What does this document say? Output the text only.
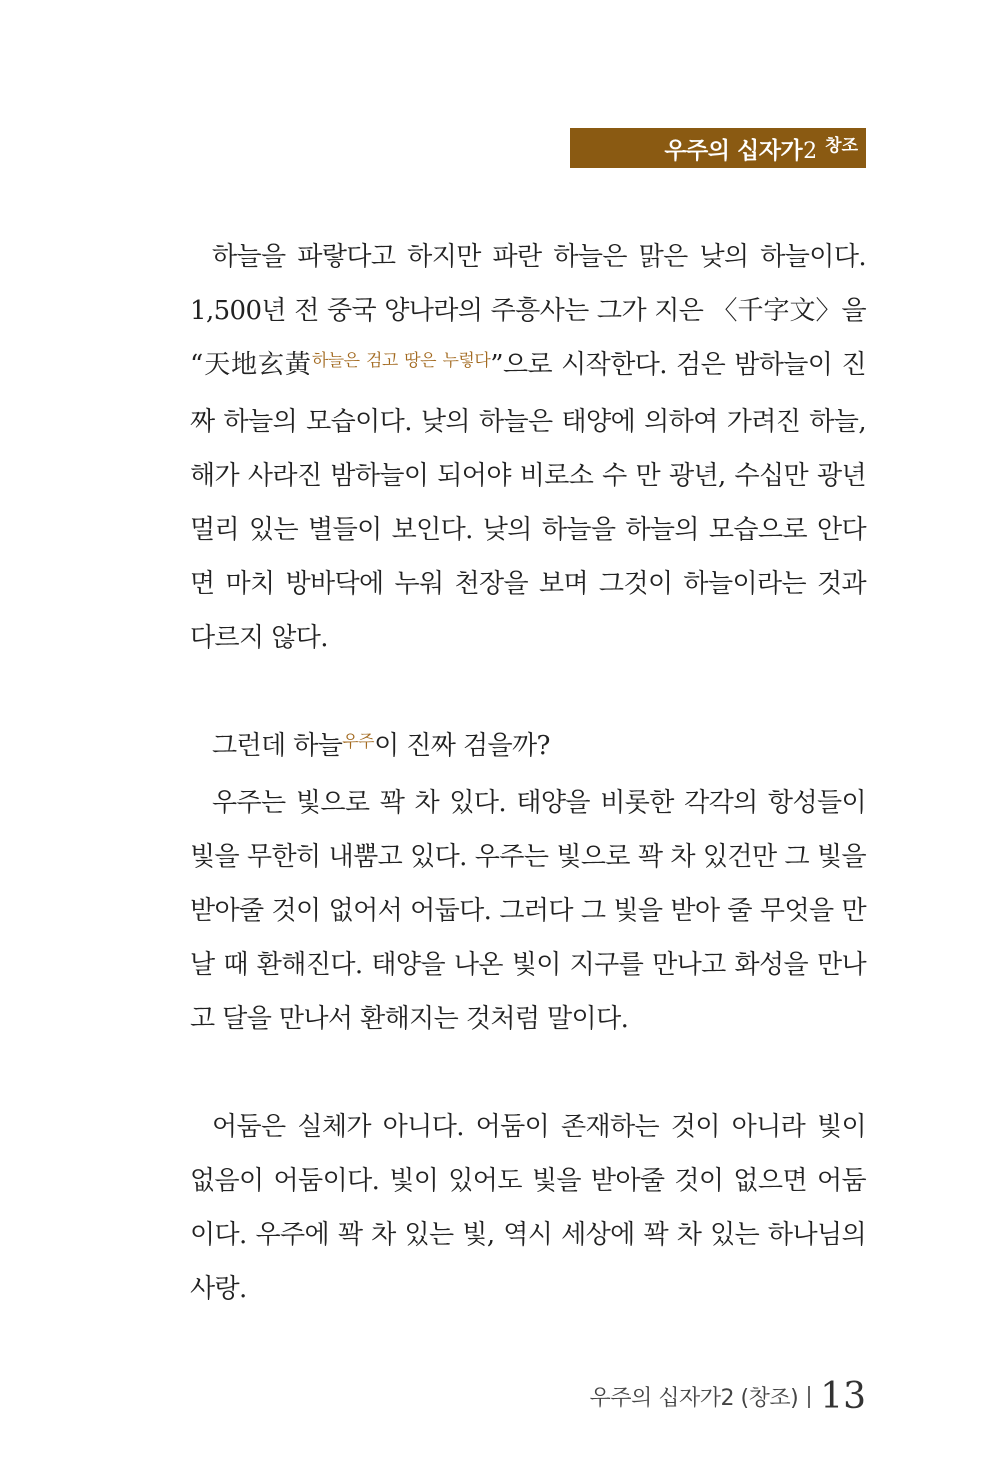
우주의 십자가 2 창조

하늘을 파랗다고 하지만 파란 하늘은 맑은 낮의 하늘이다. 1,500년 전 중국 양나라의 주흥사는 그가 지은 〈千字文〉을 “天地玄黃$^{하늘은 검고 땅은 누렇다}$”으로 시작한다. 검은 밤하늘이 진짜 하늘의 모습이다. 낮의 하늘은 태양에 의하여 가려진 하늘, 해가 사라진 밤하늘이 되어야 비로소 수 만 광년, 수십만 광년 멀리 있는 별들이 보인다. 낮의 하늘을 하늘의 모습으로 안다면 마치 방바닥에 누워 천장을 보며 그것이 하늘이라는 것과 다르지 않다.

그런데 하늘$^{우주}$이 진짜 검을까?

우주는 빛으로 꽉 차 있다. 태양을 비롯한 각각의 항성들이 빛을 무한히 내뿜고 있다. 우주는 빛으로 꽉 차 있건만 그 빛을 받아줄 것이 없어서 어둡다. 그러다 그 빛을 받아 줄 무엇을 만날 때 환해진다. 태양을 나온 빛이 지구를 만나고 화성을 만나고 달을 만나서 환해지는 것처럼 말이다.

어둠은 실체가 아니다. 어둠이 존재하는 것이 아니라 빛이 없음이 어둠이다. 빛이 있어도 빛을 받아줄 것이 없으면 어둠이다. 우주에 꽉 차 있는 빛, 역시 세상에 꽉 차 있는 하나님의 사랑.

우주의 십자가2 (창조) 13
